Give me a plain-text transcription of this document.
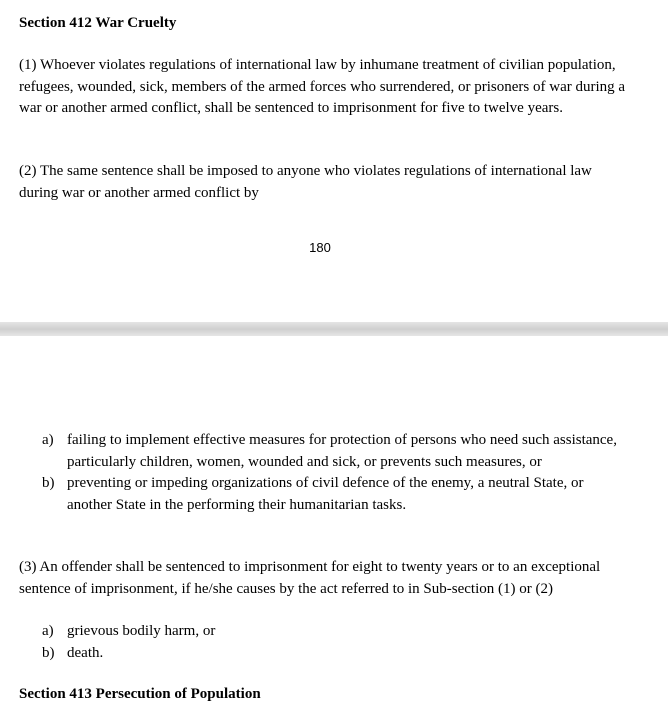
Section 412 War Cruelty
(1) Whoever violates regulations of international law by inhumane treatment of civilian population, refugees, wounded, sick, members of the armed forces who surrendered, or prisoners of war during a war or another armed conflict, shall be sentenced to imprisonment for five to twelve years.
(2) The same sentence shall be imposed to anyone who violates regulations of international law during war or another armed conflict by
180
a) failing to implement effective measures for protection of persons who need such assistance, particularly children, women, wounded and sick, or prevents such measures, or
b) preventing or impeding organizations of civil defence of the enemy, a neutral State, or another State in the performing their humanitarian tasks.
(3) An offender shall be sentenced to imprisonment for eight to twenty years or to an exceptional sentence of imprisonment, if he/she causes by the act referred to in Sub-section (1) or (2)
a) grievous bodily harm, or
b) death.
Section 413 Persecution of Population
